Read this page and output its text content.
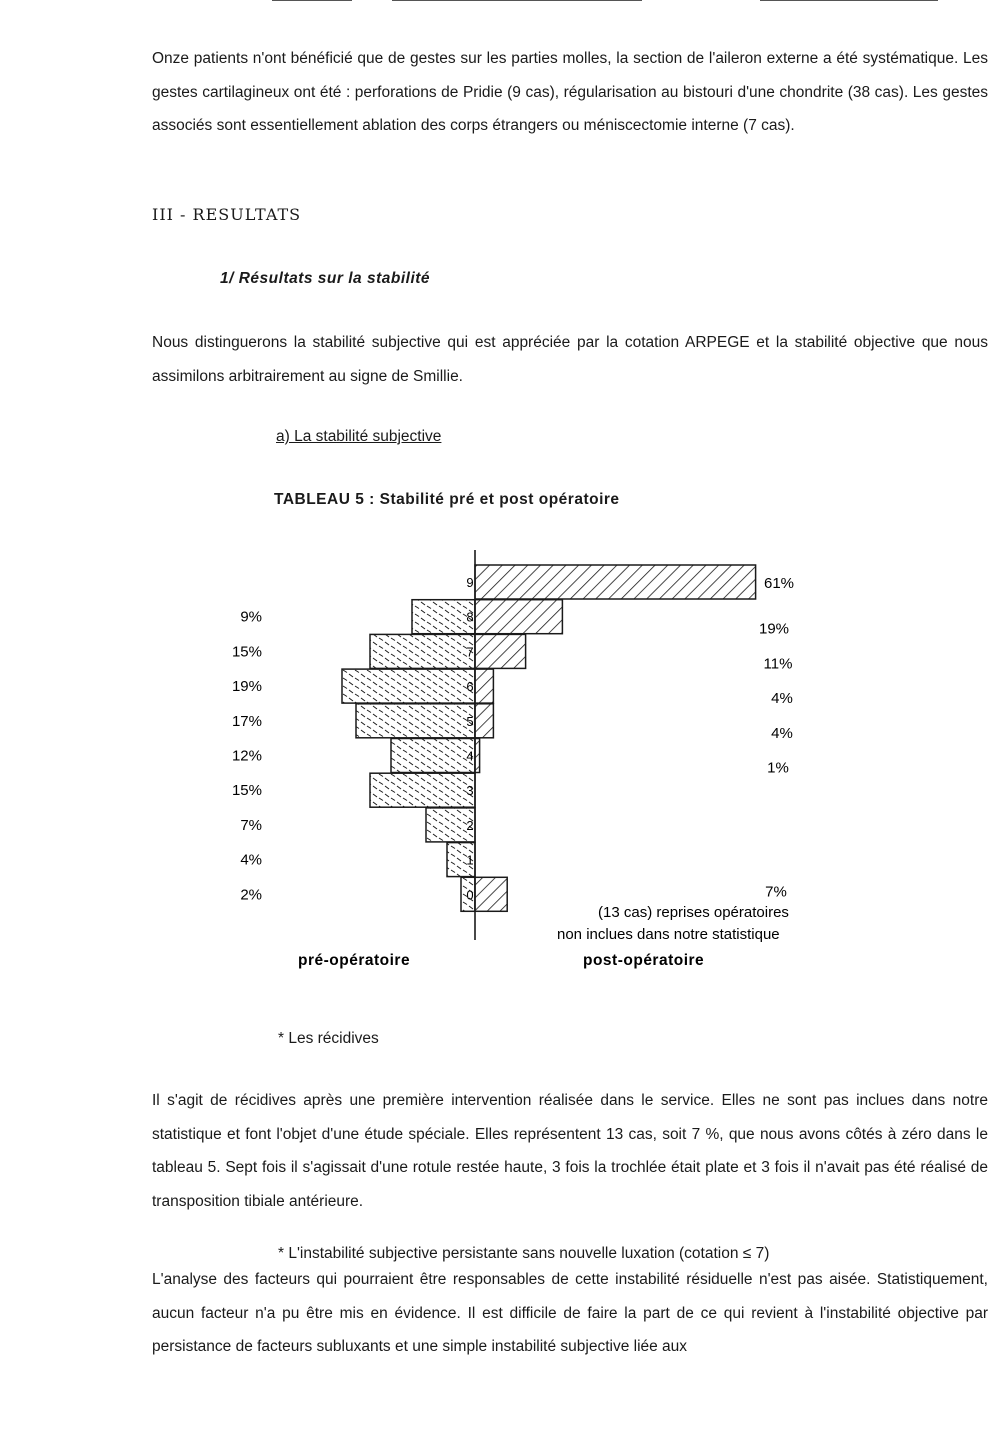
Onze patients n'ont bénéficié que de gestes sur les parties molles, la section de l'aileron externe a été systématique. Les gestes cartilagineux ont été : perforations de Pridie (9 cas), régularisation au bistouri d'une chondrite (38 cas). Les gestes associés sont essentiellement ablation des corps étrangers ou méniscectomie interne (7 cas).
III - RESULTATS
1/ Résultats sur la stabilité
Nous distinguerons la stabilité subjective qui est appréciée par la cotation ARPEGE et la stabilité objective que nous assimilons arbitrairement au signe de Smillie.
a) La stabilité subjective
TABLEAU 5 : Stabilité pré et post opératoire
9
8
7
6
5
4
3
2
1
0
9%
15%
19%
17%
12%
15%
7%
4%
2%
61%
19%
11%
4%
4%
1%
7%
(13 cas) reprises opératoires
non inclues dans notre statistique
pré-opératoire	post-opératoire
* Les récidives
Il s'agit de récidives après une première intervention réalisée dans le service. Elles ne sont pas inclues dans notre statistique et font l'objet d'une étude spéciale. Elles représentent 13 cas, soit 7 %, que nous avons côtés à zéro dans le tableau 5. Sept fois il s'agissait d'une rotule restée haute, 3 fois la trochlée était plate et 3 fois il n'avait pas été réalisé de transposition tibiale antérieure.
* L'instabilité subjective persistante sans nouvelle luxation (cotation ≤ 7)
L'analyse des facteurs qui pourraient être responsables de cette instabilité résiduelle n'est pas aisée. Statistiquement, aucun facteur n'a pu être mis en évidence. Il est difficile de faire la part de ce qui revient à l'instabilité objective par persistance de facteurs subluxants et une simple instabilité subjective liée aux
